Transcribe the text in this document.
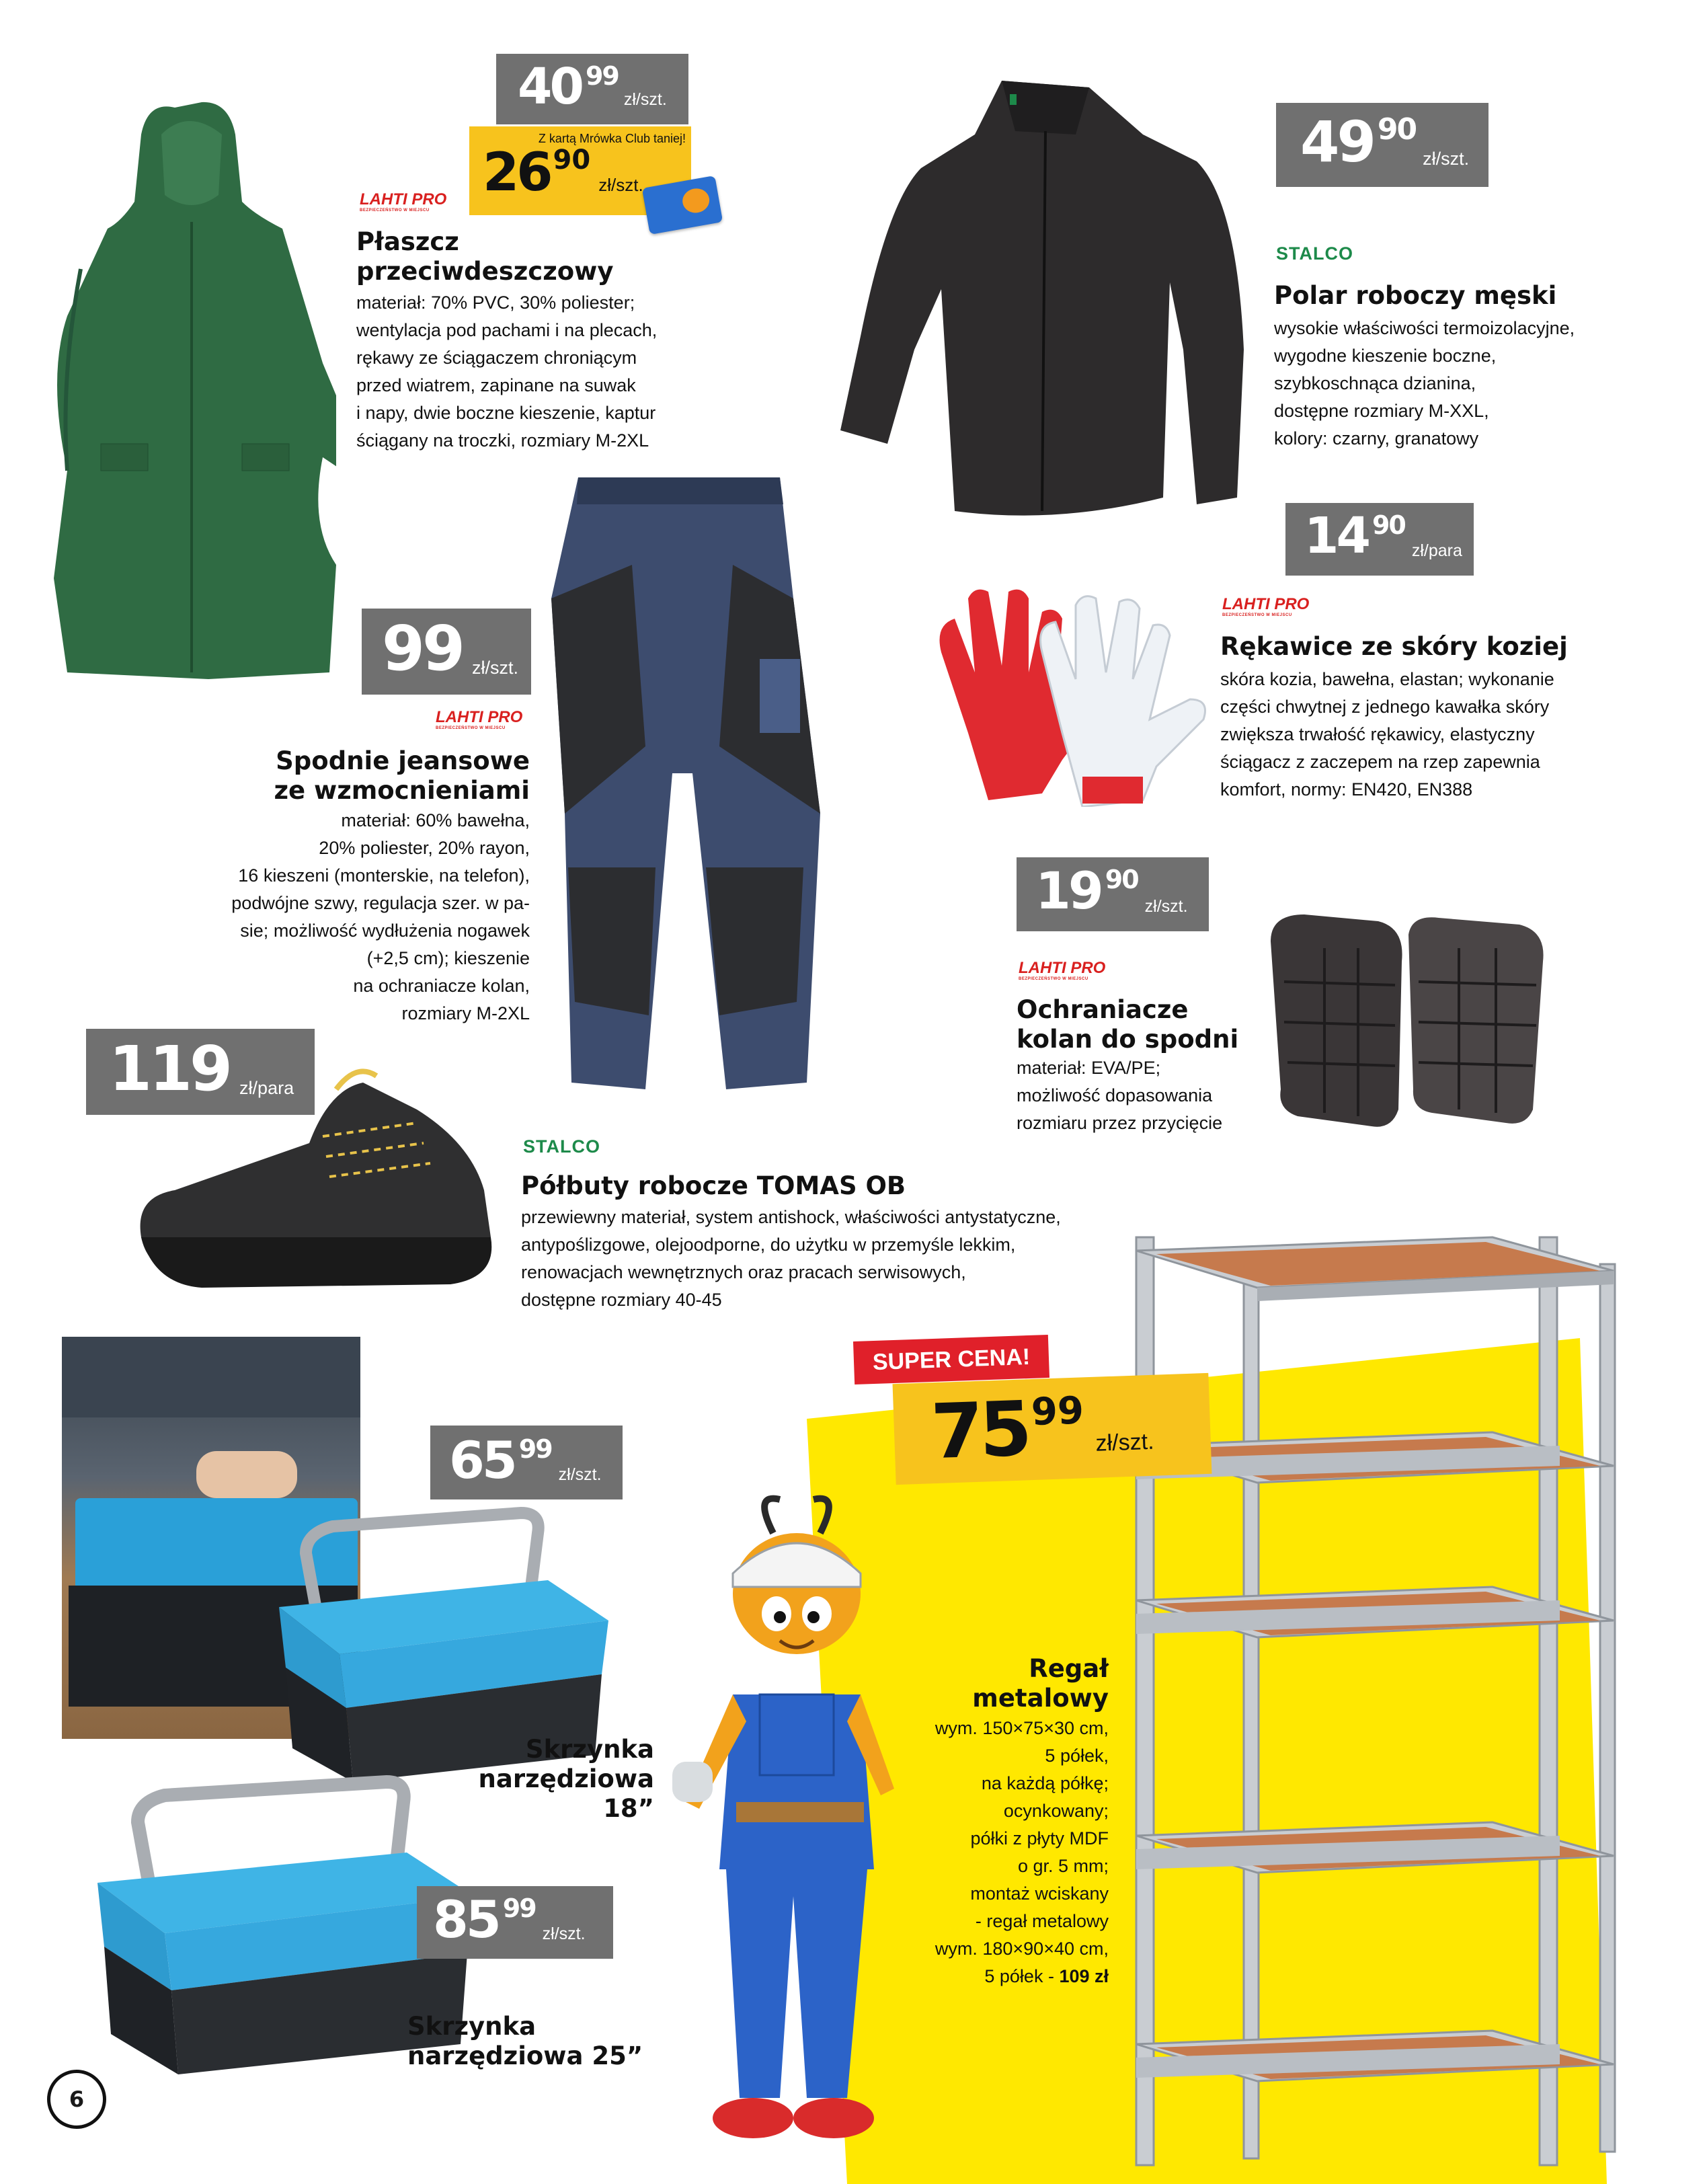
40 99
zł/szt.
Z kartą Mrówka Club taniej!
26 90
zł/szt.
LAHTI PRO
BEZPIECZEŃSTWO W MIEJSCU
Płaszcz
przeciwdeszczowy
materiał: 70% PVC, 30% poliester;
wentylacja pod pachami i na plecach,
rękawy ze ściągaczem chroniącym
przed wiatrem, zapinane na suwak
i napy, dwie boczne kieszenie, kaptur
ściągany na troczki, rozmiary M-2XL
49 90
zł/szt.
STALCO
Polar roboczy męski
wysokie właściwości termoizolacyjne,
wygodne kieszenie boczne,
szybkoschnąca dzianina,
dostępne rozmiary M-XXL,
kolory: czarny, granatowy
14 90
zł/para
LAHTI PRO
BEZPIECZEŃSTWO W MIEJSCU
Rękawice ze skóry koziej
skóra kozia, bawełna, elastan; wykonanie
części chwytnej z jednego kawałka skóry
zwiększa trwałość rękawicy, elastyczny
ściągacz z zaczepem na rzep zapewnia
komfort, normy: EN420, EN388
99 zł/szt.
LAHTI PRO
BEZPIECZEŃSTWO W MIEJSCU
Spodnie jeansowe
ze wzmocnieniami
materiał: 60% bawełna,
20% poliester, 20% rayon,
16 kieszeni (monterskie, na telefon),
podwójne szwy, regulacja szer. w pa-
sie; możliwość wydłużenia nogawek
(+2,5 cm); kieszenie
na ochraniacze kolan,
rozmiary M-2XL
19 90
zł/szt.
LAHTI PRO
BEZPIECZEŃSTWO W MIEJSCU
Ochraniacze
kolan do spodni
materiał: EVA/PE;
możliwość dopasowania
rozmiaru przez przycięcie
119 zł/para
STALCO
Półbuty robocze TOMAS OB
przewiewny materiał, system antishock, właściwości antystatyczne,
antypoślizgowe, olejoodporne, do użytku w przemyśle lekkim,
renowacjach wewnętrznych oraz pracach serwisowych,
dostępne rozmiary 40-45
65 99
zł/szt.
Skrzynka
narzędziowa
18”
85 99
zł/szt.
Skrzynka
narzędziowa 25”
SUPER CENA!
75 99
zł/szt.
Regał
metalowy
wym. 150×75×30 cm,
5 półek,
na każdą półkę;
ocynkowany;
półki z płyty MDF
o gr. 5 mm;
montaż wciskany
- regał metalowy
wym. 180×90×40 cm,
5 półek - 109 zł
6
